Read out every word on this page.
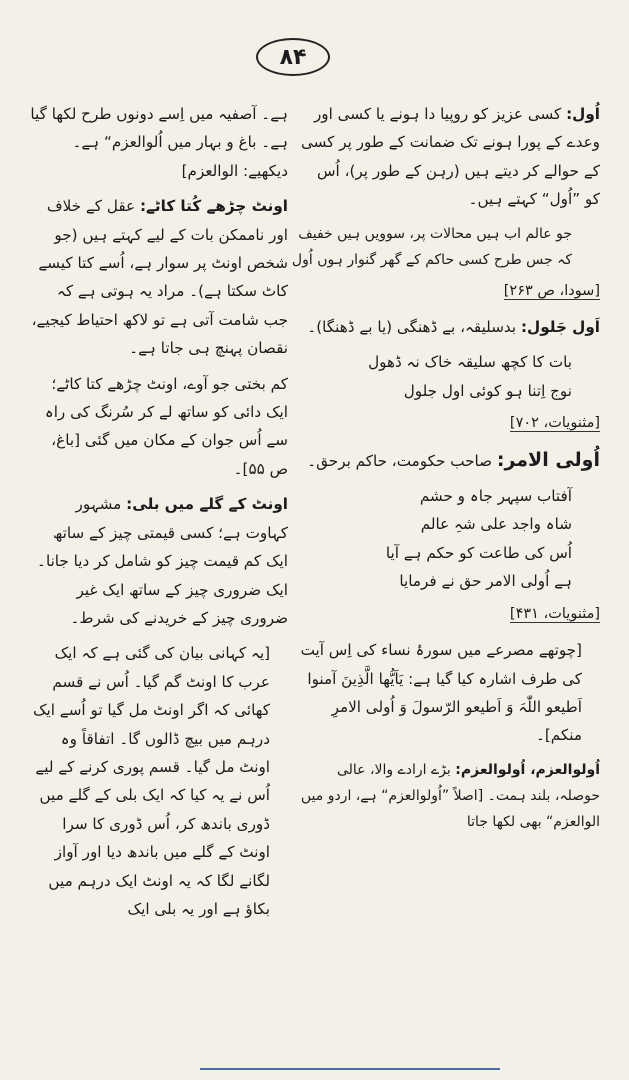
۸۴

اُول: کسی عزیز کو روپیا دا ہونے یا کسی اور وعدے کے پورا ہونے تک ضمانت کے طور پر کسی کے حوالے کر دیتے ہیں (رہن کے طور پر)، اُس کو ”اُول“ کہتے ہیں۔

جو عالم اب ہیں محالات پر، سوویں ہیں خفیف
کہ جس طرح کسی حاکم کے گھر گنوار ہوں اُول
[سودا، ص ۲۶۳]

اَول جَلول: بدسلیقہ، بے ڈھنگی (یا بے ڈھنگا)۔

بات کا کچھ سلیقہ خاک نہ ڈھول
نوج اِتنا ہو کوئی اول جلول
[مثنویات، ۷۰۲]

اُولی الامر: صاحب حکومت، حاکم برحق۔

آفتاب سپہر جاہ و حشم
شاہ واجد علی شہِ عالم
اُس کی طاعت کو حکم ہے آیا
ہے اُولی الامر حق نے فرمایا
[مثنویات، ۴۳۱]

[چوتھے مصرعے میں سورۂ نساء کی اِس آیت کی طرف اشارہ کیا گیا ہے: یَاَیُّھا الَّذِینَ آمنوا اَطیعو اللّٰہَ وَ اَطیعو الرّسولَ وَ اُولی الامرِ منکم]۔

اُولوالعزم، اُولوالعزم: بڑے ارادے والا، عالی حوصلہ، بلند ہمت۔ [اصلاً ”اُولوالعزم“ ہے، اردو میں الوالعزم“ بھی لکھا جاتا

ہے۔ آصفیہ میں اِسے دونوں طرح لکھا گیا ہے۔ باغ و بہار میں اُلوالعزم“ ہے۔ دیکھیے: الوالعزم]

اونٹ چڑھے کُتا کاٹے: عقل کے خلاف اور ناممکن بات کے لیے کہتے ہیں (جو شخص اونٹ پر سوار ہے، اُسے کتا کیسے کاٹ سکتا ہے)۔ مراد یہ ہوتی ہے کہ جب شامت آتی ہے تو لاکھ احتیاط کیجیے، نقصان پہنچ ہی جاتا ہے۔

کم بختی جو آوے، اونٹ چڑھے کتا کاٹے؛ ایک دائی کو ساتھ لے کر سُرنگ کی راہ سے اُس جوان کے مکان میں گئی [باغ، ص ۵۵]۔

اونٹ کے گلے میں بلی: مشہور کہاوت ہے؛ کسی قیمتی چیز کے ساتھ ایک کم قیمت چیز کو شامل کر دیا جانا۔ ایک ضروری چیز کے ساتھ ایک غیر ضروری چیز کے خریدنے کی شرط۔

[یہ کہانی بیان کی گئی ہے کہ ایک عرب کا اونٹ گم گیا۔ اُس نے قسم کھائی کہ اگر اونٹ مل گیا تو اُسے ایک درہم میں بیچ ڈالوں گا۔ اتفاقاً وہ اونٹ مل گیا۔ قسم پوری کرنے کے لیے اُس نے یہ کیا کہ ایک بلی کے گلے میں ڈوری باندھ کر، اُس ڈوری کا سرا اونٹ کے گلے میں باندھ دیا اور آواز لگانے لگا کہ یہ اونٹ ایک درہم میں بکاؤ ہے اور یہ بلی ایک
